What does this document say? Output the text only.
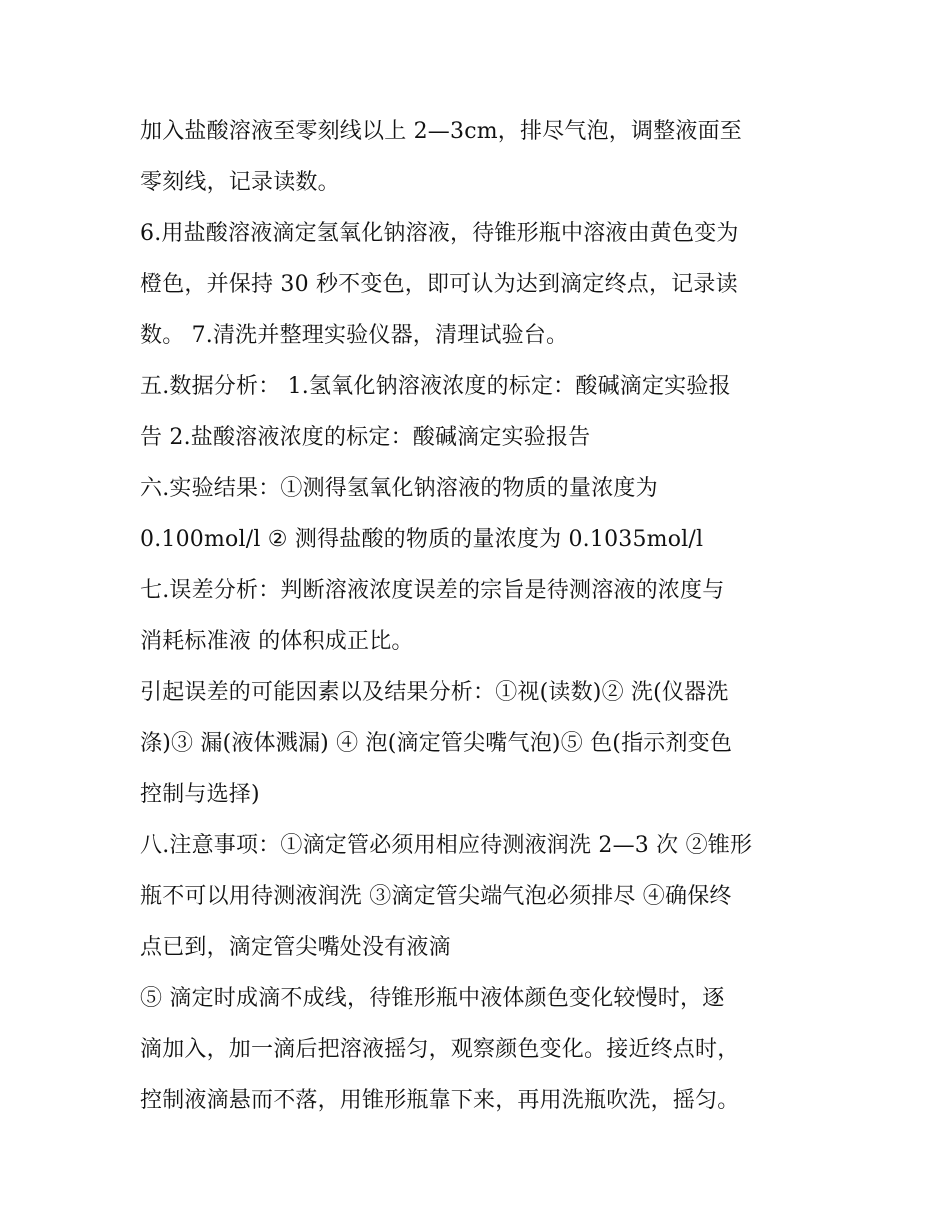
加入盐酸溶液至零刻线以上 2—3cm，排尽气泡，调整液面至
零刻线，记录读数。
6.用盐酸溶液滴定氢氧化钠溶液，待锥形瓶中溶液由黄色变为
橙色，并保持 30 秒不变色，即可认为达到滴定终点，记录读
数。 7.清洗并整理实验仪器，清理试验台。
五.数据分析： 1.氢氧化钠溶液浓度的标定：酸碱滴定实验报
告 2.盐酸溶液浓度的标定：酸碱滴定实验报告
六.实验结果：①测得氢氧化钠溶液的物质的量浓度为
0.100mol/l ② 测得盐酸的物质的量浓度为 0.1035mol/l
七.误差分析：判断溶液浓度误差的宗旨是待测溶液的浓度与
消耗标准液 的体积成正比。
引起误差的可能因素以及结果分析：①视(读数)② 洗(仪器洗
涤)③ 漏(液体溅漏) ④ 泡(滴定管尖嘴气泡)⑤ 色(指示剂变色
控制与选择)
八.注意事项：①滴定管必须用相应待测液润洗 2—3 次 ②锥形
瓶不可以用待测液润洗 ③滴定管尖端气泡必须排尽 ④确保终
点已到，滴定管尖嘴处没有液滴
⑤ 滴定时成滴不成线，待锥形瓶中液体颜色变化较慢时，逐
滴加入，加一滴后把溶液摇匀，观察颜色变化。接近终点时，
控制液滴悬而不落，用锥形瓶靠下来，再用洗瓶吹洗，摇匀。
